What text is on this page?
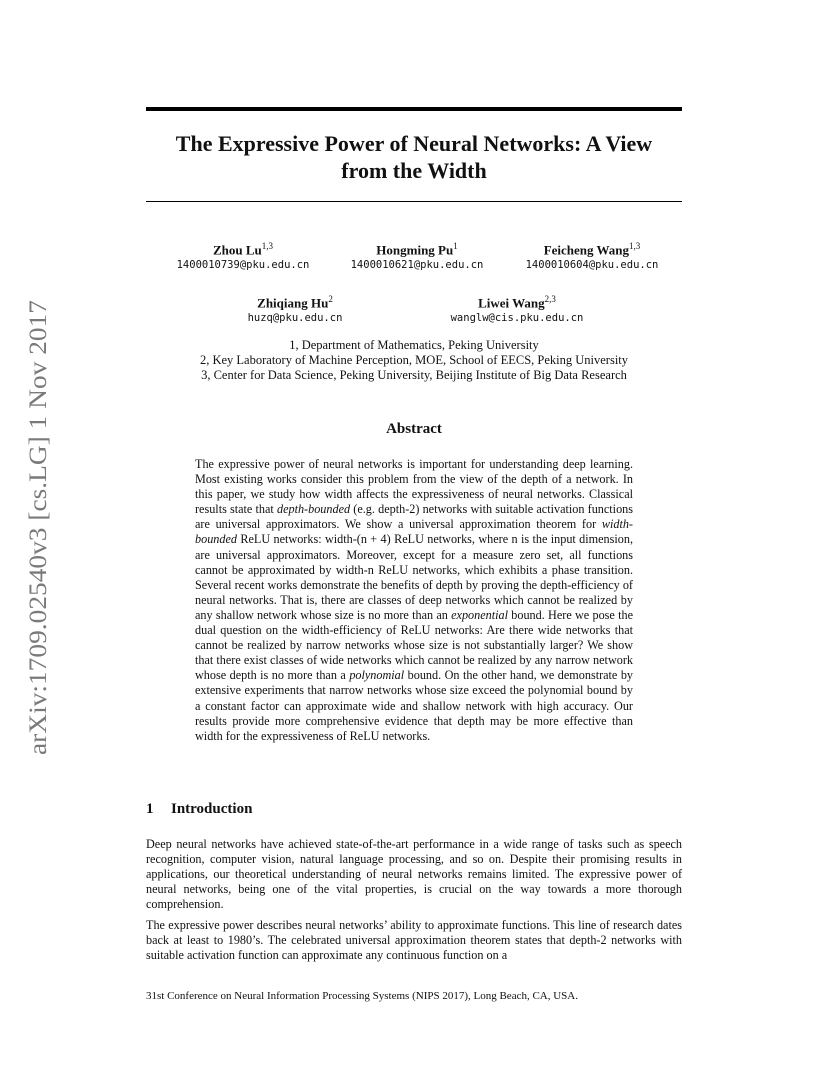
arXiv:1709.02540v3 [cs.LG] 1 Nov 2017
The Expressive Power of Neural Networks: A View
from the Width
Zhou Lu$^{1,3}$
1400010739@pku.edu.cn
Hongming Pu$^1$
1400010621@pku.edu.cn
Feicheng Wang$^{1,3}$
1400010604@pku.edu.cn
Zhiqiang Hu$^2$
huzq@pku.edu.cn
Liwei Wang$^{2,3}$
wanglw@cis.pku.edu.cn
1, Department of Mathematics, Peking University
2, Key Laboratory of Machine Perception, MOE, School of EECS, Peking University
3, Center for Data Science, Peking University, Beijing Institute of Big Data Research
Abstract

The expressive power of neural networks is important for understanding deep learning. Most existing works consider this problem from the view of the depth of a network. In this paper, we study how width affects the expressiveness of neural networks. Classical results state that depth-bounded (e.g. depth-2) networks with suitable activation functions are universal approximators. We show a universal approximation theorem for width-bounded ReLU networks: width-(n + 4) ReLU networks, where n is the input dimension, are universal approximators. Moreover, except for a measure zero set, all functions cannot be approximated by width-n ReLU networks, which exhibits a phase transition. Several recent works demonstrate the benefits of depth by proving the depth-efficiency of neural networks. That is, there are classes of deep networks which cannot be realized by any shallow network whose size is no more than an exponential bound. Here we pose the dual question on the width-efficiency of ReLU networks: Are there wide networks that cannot be realized by narrow networks whose size is not substantially larger? We show that there exist classes of wide networks which cannot be realized by any narrow network whose depth is no more than a polynomial bound. On the other hand, we demonstrate by extensive experiments that narrow networks whose size exceed the polynomial bound by a constant factor can approximate wide and shallow network with high accuracy. Our results provide more comprehensive evidence that depth may be more effective than width for the expressiveness of ReLU networks.

1 Introduction

Deep neural networks have achieved state-of-the-art performance in a wide range of tasks such as speech recognition, computer vision, natural language processing, and so on. Despite their promising results in applications, our theoretical understanding of neural networks remains limited. The expressive power of neural networks, being one of the vital properties, is crucial on the way towards a more thorough comprehension.

The expressive power describes neural networks’ ability to approximate functions. This line of research dates back at least to 1980’s. The celebrated universal approximation theorem states that depth-2 networks with suitable activation function can approximate any continuous function on a

31st Conference on Neural Information Processing Systems (NIPS 2017), Long Beach, CA, USA.
